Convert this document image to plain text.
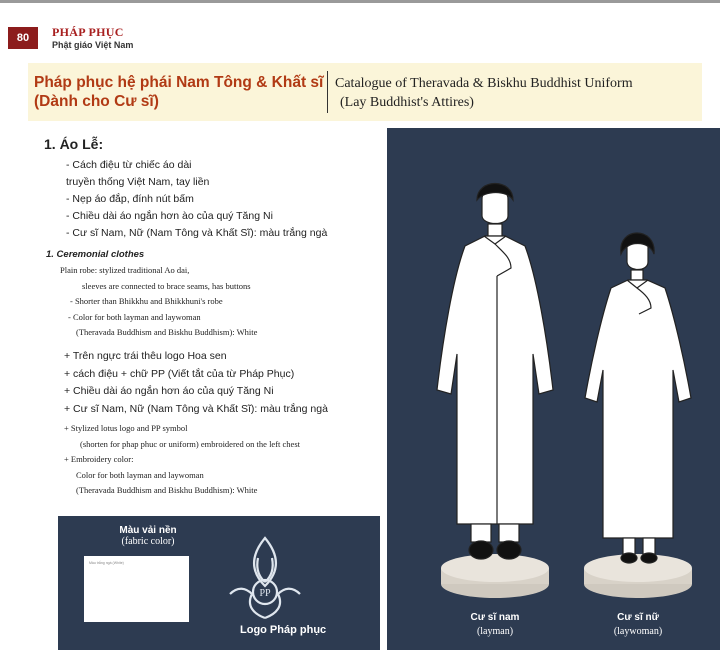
80	PHÁP PHỤC
Phật giáo Việt Nam
Pháp phục hệ phái Nam Tông & Khất sĩ
(Dành cho Cư sĩ)
Catalogue of Theravada & Biskhu Buddhist Uniform
(Lay Buddhist's Attires)
1. Áo Lễ:
- Cách điệu từ chiếc áo dài
truyền thống Việt Nam, tay liền
- Nẹp áo đắp, đính nút bấm
- Chiều dài áo ngắn hơn ào của quý Tăng Ni
- Cư sĩ Nam, Nữ (Nam Tông và Khất Sĩ): màu trắng ngà
1. Ceremonial clothes
Plain robe: stylized traditional Ao dai,
sleeves are connected to brace seams, has buttons
- Shorter than Bhikkhu and Bhikkhuni's robe
- Color for both layman and laywoman
(Theravada Buddhism and Biskhu Buddhism): White
+ Trên ngực trái thêu logo Hoa sen
+ cách điệu + chữ PP (Viết tắt của từ Pháp Phục)
+ Chiều dài áo ngắn hơn áo của quý Tăng Ni
+ Cư sĩ Nam, Nữ (Nam Tông và Khất Sĩ): màu trắng ngà
+ Stylized lotus logo and PP symbol
(shorten for phap phuc or uniform) embroidered on the left chest
+ Embroidery color:
Color for both layman and laywoman
(Theravada Buddhism and Biskhu Buddhism): White
Màu vải nền
(fabric color)
Màu trắng ngà (White)
PP
Logo Pháp phục
Cư sĩ nam
(layman)
Cư sĩ nữ
(laywoman)
